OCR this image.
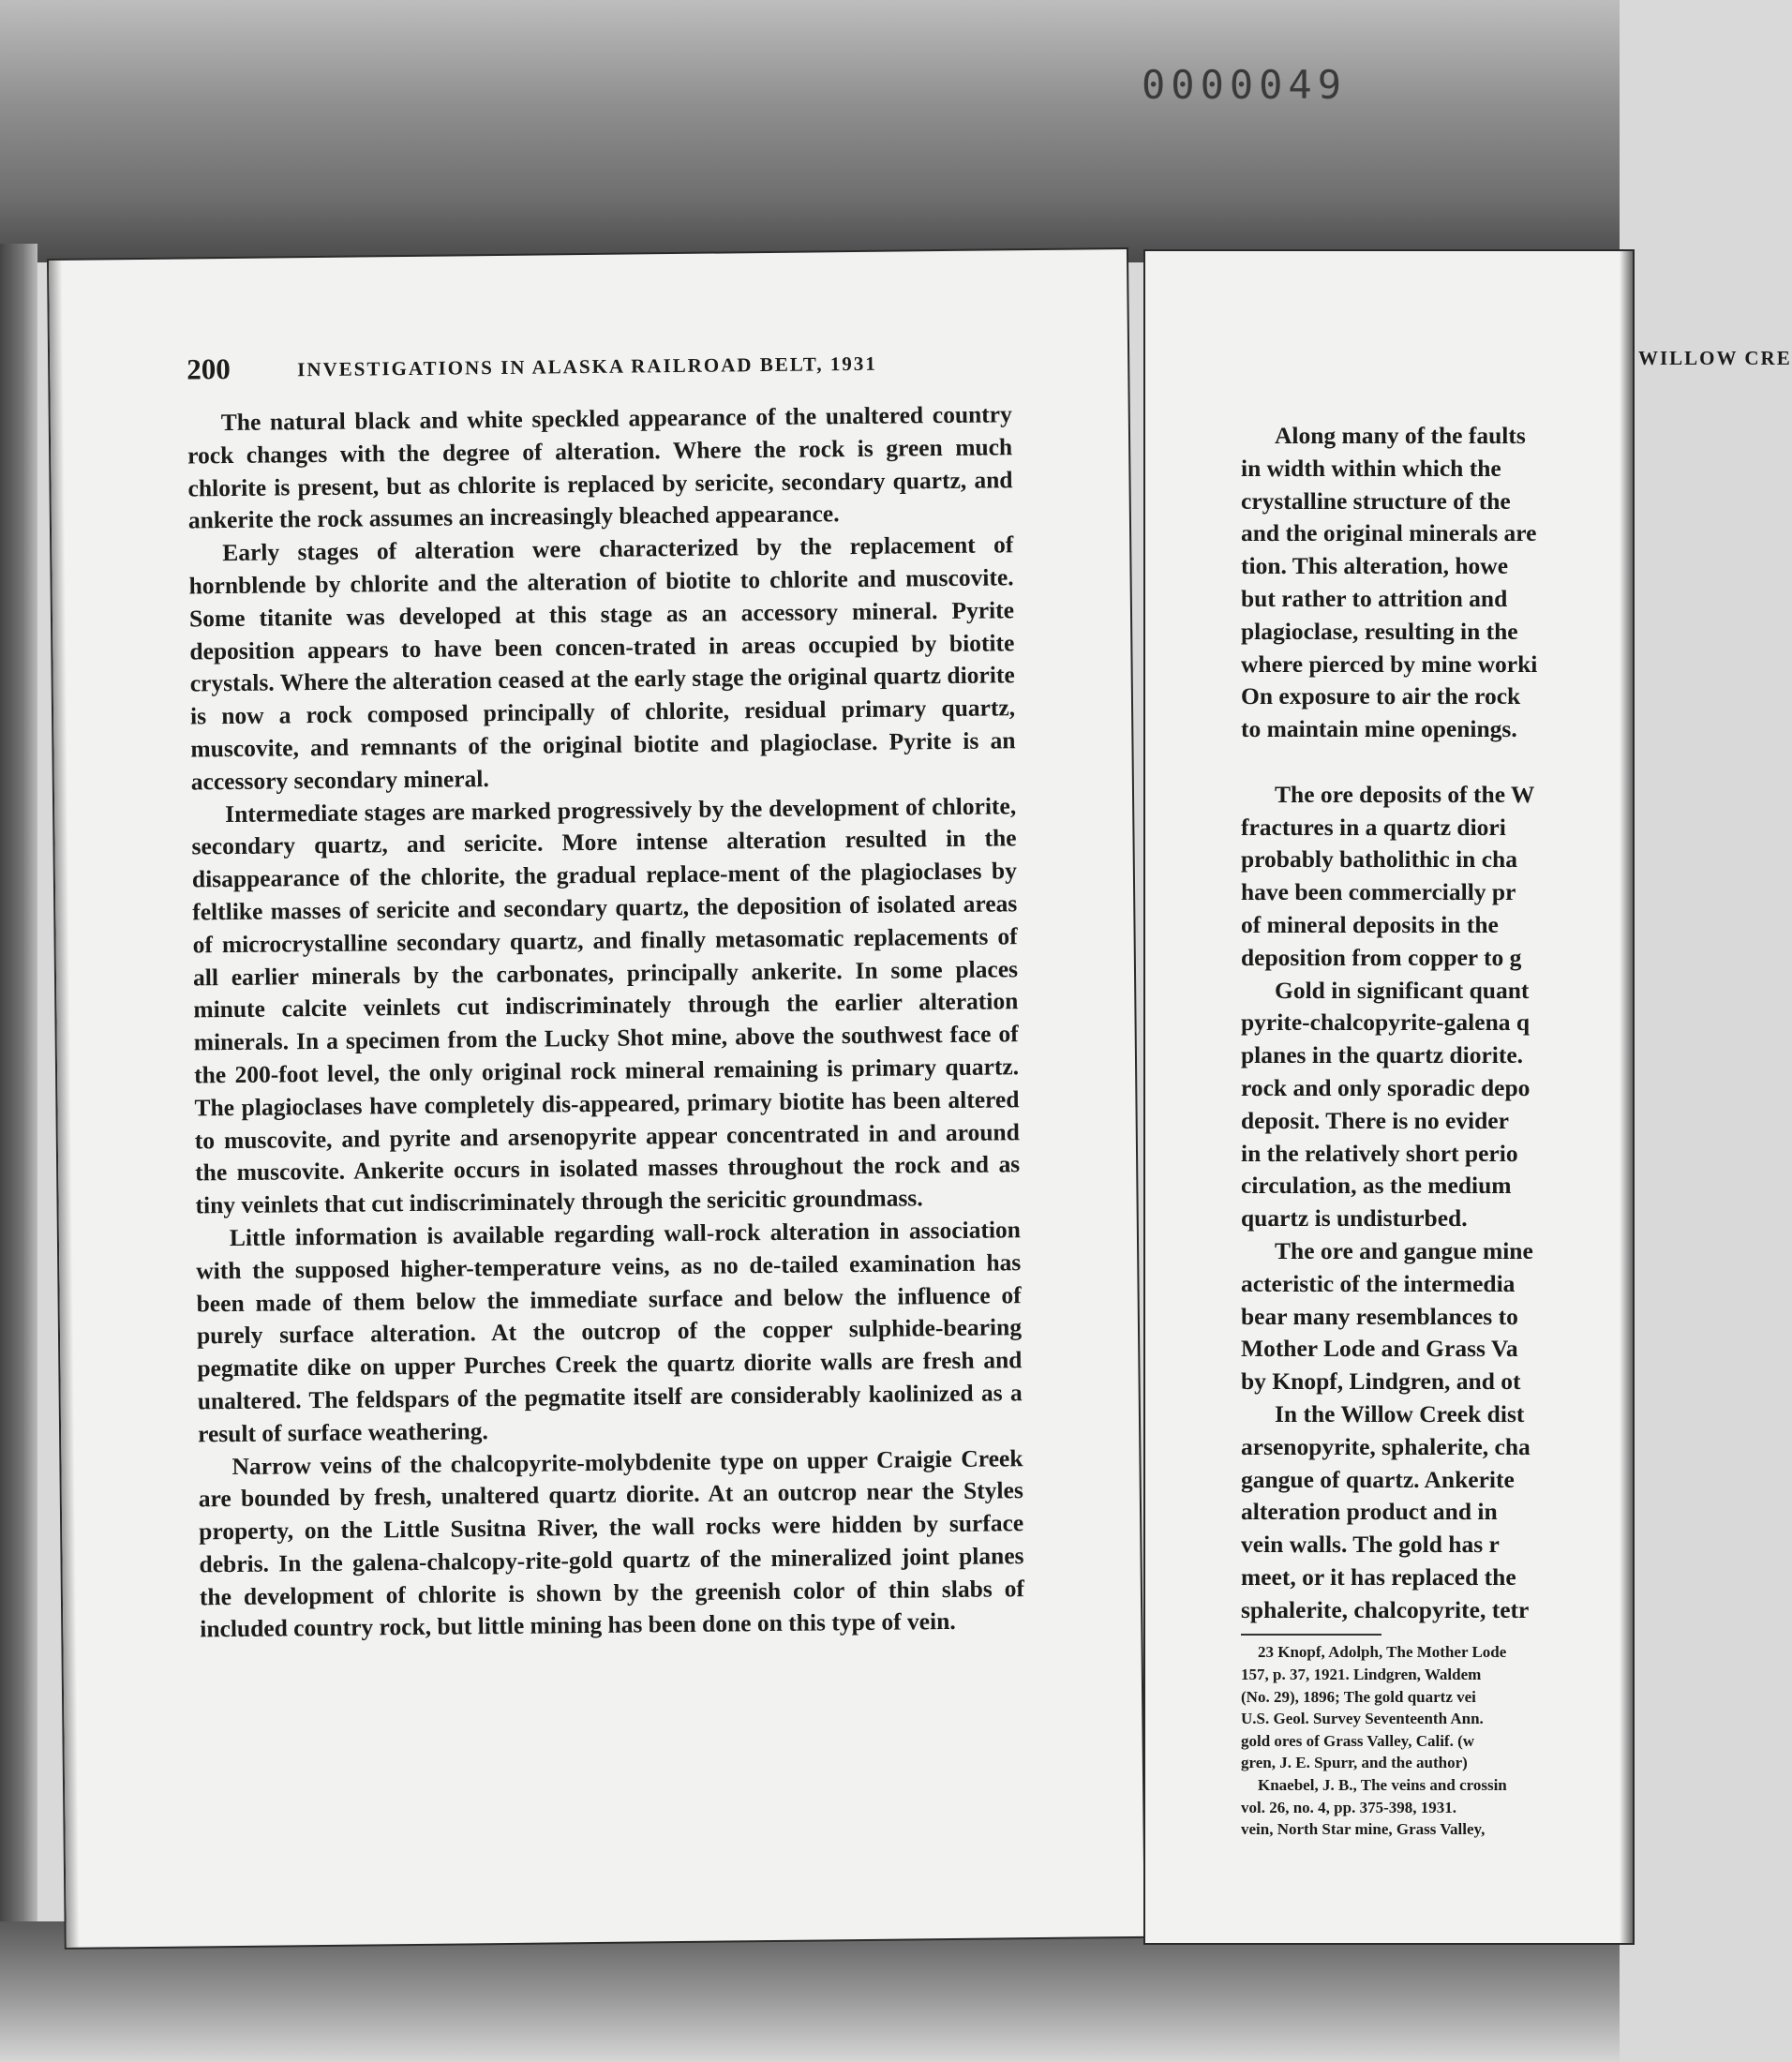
0000049
200	INVESTIGATIONS IN ALASKA RAILROAD BELT, 1931

The natural black and white speckled appearance of the unaltered country rock changes with the degree of alteration. Where the rock is green much chlorite is present, but as chlorite is replaced by sericite, secondary quartz, and ankerite the rock assumes an increasingly bleached appearance.

Early stages of alteration were characterized by the replacement of hornblende by chlorite and the alteration of biotite to chlorite and muscovite. Some titanite was developed at this stage as an accessory mineral. Pyrite deposition appears to have been concen-trated in areas occupied by biotite crystals. Where the alteration ceased at the early stage the original quartz diorite is now a rock composed principally of chlorite, residual primary quartz, muscovite, and remnants of the original biotite and plagioclase. Pyrite is an accessory secondary mineral.

Intermediate stages are marked progressively by the development of chlorite, secondary quartz, and sericite. More intense alteration resulted in the disappearance of the chlorite, the gradual replace-ment of the plagioclases by feltlike masses of sericite and secondary quartz, the deposition of isolated areas of microcrystalline secondary quartz, and finally metasomatic replacements of all earlier minerals by the carbonates, principally ankerite. In some places minute calcite veinlets cut indiscriminately through the earlier alteration minerals. In a specimen from the Lucky Shot mine, above the southwest face of the 200-foot level, the only original rock mineral remaining is primary quartz. The plagioclases have completely dis-appeared, primary biotite has been altered to muscovite, and pyrite and arsenopyrite appear concentrated in and around the muscovite. Ankerite occurs in isolated masses throughout the rock and as tiny veinlets that cut indiscriminately through the sericitic groundmass.

Little information is available regarding wall-rock alteration in association with the supposed higher-temperature veins, as no de-tailed examination has been made of them below the immediate surface and below the influence of purely surface alteration. At the outcrop of the copper sulphide-bearing pegmatite dike on upper Purches Creek the quartz diorite walls are fresh and unaltered. The feldspars of the pegmatite itself are considerably kaolinized as a result of surface weathering.

Narrow veins of the chalcopyrite-molybdenite type on upper Craigie Creek are bounded by fresh, unaltered quartz diorite. At an outcrop near the Styles property, on the Little Susitna River, the wall rocks were hidden by surface debris. In the galena-chalcopy-rite-gold quartz of the mineralized joint planes the development of chlorite is shown by the greenish color of thin slabs of included country rock, but little mining has been done on this type of vein.

WILLOW CRE

Along many of the faults

in width within which the

crystalline structure of the

and the original minerals are

tion. This alteration, howe

but rather to attrition and

plagioclase, resulting in the

where pierced by mine worki

On exposure to air the rock

to maintain mine openings.

The ore deposits of the W

fractures in a quartz diori

probably batholithic in cha

have been commercially pr

of mineral deposits in the

deposition from copper to g

Gold in significant quant

pyrite-chalcopyrite-galena q

planes in the quartz diorite.

rock and only sporadic depo

deposit. There is no evider

in the relatively short perio

circulation, as the medium

quartz is undisturbed.

The ore and gangue mine

acteristic of the intermedia

bear many resemblances to

Mother Lode and Grass Va

by Knopf, Lindgren, and ot

In the Willow Creek dist

arsenopyrite, sphalerite, cha

gangue of quartz. Ankerite

alteration product and in

vein walls. The gold has r

meet, or it has replaced the

sphalerite, chalcopyrite, tetr

23 Knopf, Adolph, The Mother Lode

157, p. 37, 1921. Lindgren, Waldem

(No. 29), 1896; The gold quartz vei

U.S. Geol. Survey Seventeenth Ann.

gold ores of Grass Valley, Calif. (w

gren, J. E. Spurr, and the author)

Knaebel, J. B., The veins and crossin

vol. 26, no. 4, pp. 375-398, 1931.

vein, North Star mine, Grass Valley,
